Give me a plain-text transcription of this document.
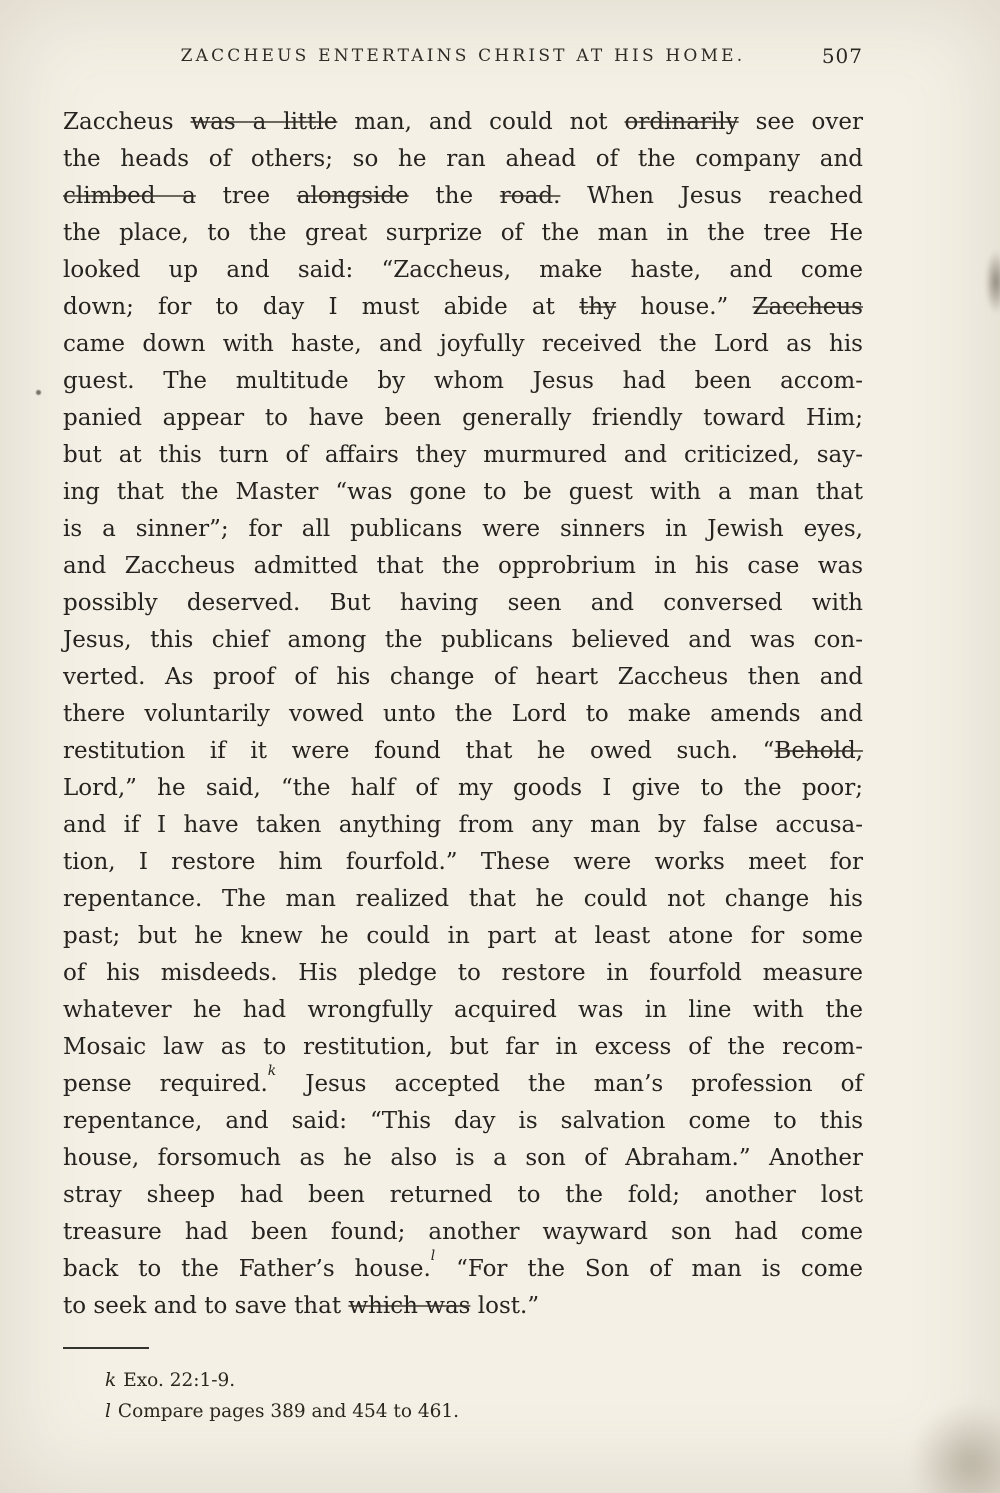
ZACCHEUS ENTERTAINS CHRIST AT HIS HOME.	507
Zaccheus was a little man, and could not ordinarily see over
the heads of others; so he ran ahead of the company and
climbed a tree alongside the road. When Jesus reached
the place, to the great surprize of the man in the tree He
looked up and said: “Zaccheus, make haste, and come
down; for to day I must abide at thy house.” Zaccheus
came down with haste, and joyfully received the Lord as his
guest. The multitude by whom Jesus had been accom-
panied appear to have been generally friendly toward Him;
but at this turn of affairs they murmured and criticized, say-
ing that the Master “was gone to be guest with a man that
is a sinner”; for all publicans were sinners in Jewish eyes,
and Zaccheus admitted that the opprobrium in his case was
possibly deserved. But having seen and conversed with
Jesus, this chief among the publicans believed and was con-
verted. As proof of his change of heart Zaccheus then and
there voluntarily vowed unto the Lord to make amends and
restitution if it were found that he owed such. “Behold,
Lord,” he said, “the half of my goods I give to the poor;
and if I have taken anything from any man by false accusa-
tion, I restore him fourfold.” These were works meet for
repentance. The man realized that he could not change his
past; but he knew he could in part at least atone for some
of his misdeeds. His pledge to restore in fourfold measure
whatever he had wrongfully acquired was in line with the
Mosaic law as to restitution, but far in excess of the recom-
pense required.$^k$ Jesus accepted the man’s profession of
repentance, and said: “This day is salvation come to this
house, forsomuch as he also is a son of Abraham.” Another
stray sheep had been returned to the fold; another lost
treasure had been found; another wayward son had come
back to the Father’s house.$^l$ “For the Son of man is come
to seek and to save that which was lost.”
k Exo. 22:1-9.
l Compare pages 389 and 454 to 461.
